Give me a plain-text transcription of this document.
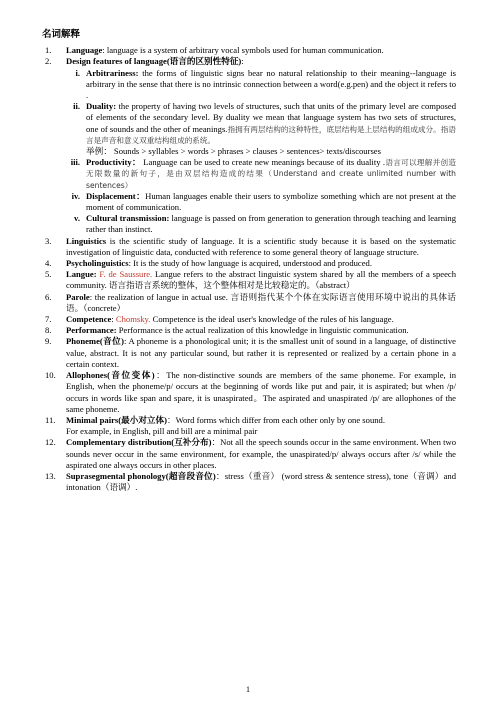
名词解释
1. Language: language is a system of arbitrary vocal symbols used for human communication.
2. Design features of language(语言的区别性特征):
i. Arbitrariness: the forms of linguistic signs bear no natural relationship to their meaning--language is arbitrary in the sense that there is no intrinsic connection between a word(e.g.pen) and the object it refers to .
ii. Duality: the property of having two levels of structures, such that units of the primary level are composed of elements of the secondary level. By duality we mean that language system has two sets of structures, one of sounds and the other of meanings.指拥有两层结构的这种特性，底层结构是上层结构的组成成分。指语言是声音和意义双重结构组成的系统。
举例： Sounds > syllables > words > phrases > clauses > sentences> texts/discourses
iii. Productivity： Language can be used to create new meanings because of its duality .语言可以理解并创造无限数量的新句子，是由双层结构造成的结果（Understand and create unlimited number with sentences）
iv. Displacement：Human languages enable their users to symbolize something which are not present at the moment of communication.
v. Cultural transmission: language is passed on from generation to generation through teaching and learning rather than instinct.
3. Linguistics is the scientific study of language. It is a scientific study because it is based on the systematic investigation of linguistic data, conducted with reference to some general theory of language structure.
4. Psycholinguistics: It is the study of how language is acquired, understood and produced.
5. Langue: F. de Saussure. Langue refers to the abstract linguistic system shared by all the members of a speech community. 语言指语言系统的整体，这个整体相对是比较稳定的。（abstract）
6. Parole: the realization of langue in actual use. 言语则指代某个个体在实际语言使用环境中说出的具体话语。（concrete）
7. Competence: Chomsky. Competence is the ideal user's knowledge of the rules of his language.
8. Performance: Performance is the actual realization of this knowledge in linguistic communication.
9. Phoneme(音位): A phoneme is a phonological unit; it is the smallest unit of sound in a language, of distinctive value, abstract. It is not any particular sound, but rather it is represented or realized by a certain phone in a certain context.
10. Allophones(音位变体)：The non-distinctive sounds are members of the same phoneme. For example, in English, when the phoneme/p/ occurs at the beginning of words like put and pair, it is aspirated; but when /p/ occurs in words like span and spare, it is unaspirated。The aspirated and unaspirated /p/ are allophones of the same phoneme.
11. Minimal pairs(最小对立体)：Word forms which differ from each other only by one sound.
For example, in English, pill and bill are a minimal pair
12. Complementary distribution(互补分布)：Not all the speech sounds occur in the same environment. When two sounds never occur in the same environment, for example, the unaspirated/p/ always occurs after /s/ while the aspirated one always occurs in other places.
13. Suprasegmental phonology(超音段音位)：stress（重音） (word stress & sentence stress), tone（音调）and intonation（语调）.
1
